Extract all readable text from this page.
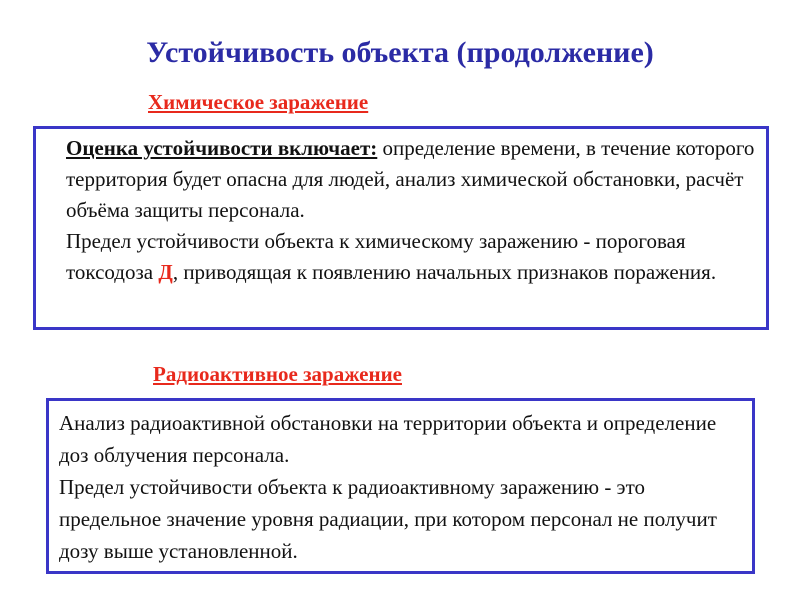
Устойчивость объекта (продолжение)
Химическое заражение

Оценка устойчивости включает: определение времени, в течение которого территория будет опасна для людей, анализ химической обстановки, расчёт объёма защиты персонала.

Предел устойчивости объекта к химическому заражению - пороговая токсодоза Д, приводящая к появлению начальных признаков поражения.

Радиоактивное заражение

Анализ радиоактивной обстановки на территории объекта и определение доз облучения персонала.

Предел устойчивости объекта к радиоактивному заражению - это предельное значение уровня радиации, при котором персонал не получит дозу выше установленной.
